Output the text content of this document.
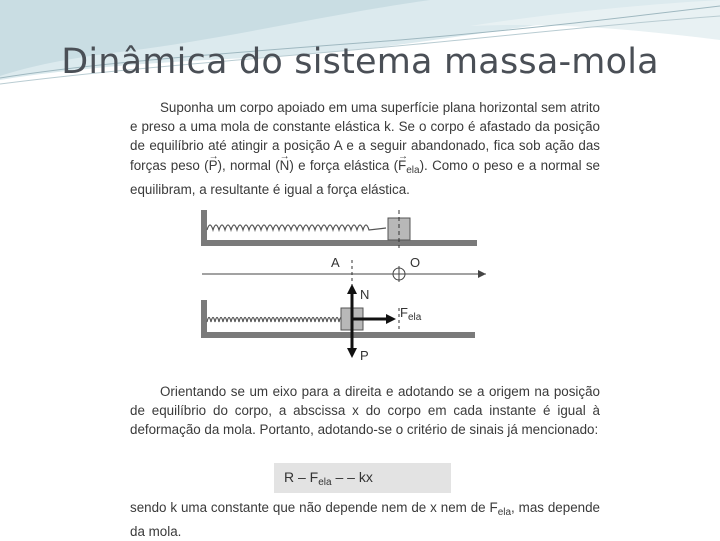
Dinâmica do sistema massa-mola

Suponha um corpo apoiado em uma superfície plana horizontal sem atrito e preso a uma mola de constante elástica k. Se o corpo é afastado da posição de equilíbrio até atingir a posição A e a seguir abandonado, fica sob ação das forças peso (→ P), normal (→ N) e força elástica (→ $F_{ela}$). Como o peso e a normal se equilibram, a resultante é igual a força elástica.

A	O
N
P
$F_{ela}$

Orientando se um eixo para a direita e adotando se a origem na posição de equilíbrio do corpo, a abscissa x do corpo em cada instante é igual à deformação da mola. Portanto, adotando-se o critério de sinais já mencionado:

R – $F_{ela}$ – – kx

sendo k uma constante que não depende nem de x nem de $F_{ela}$, mas depende da mola.
